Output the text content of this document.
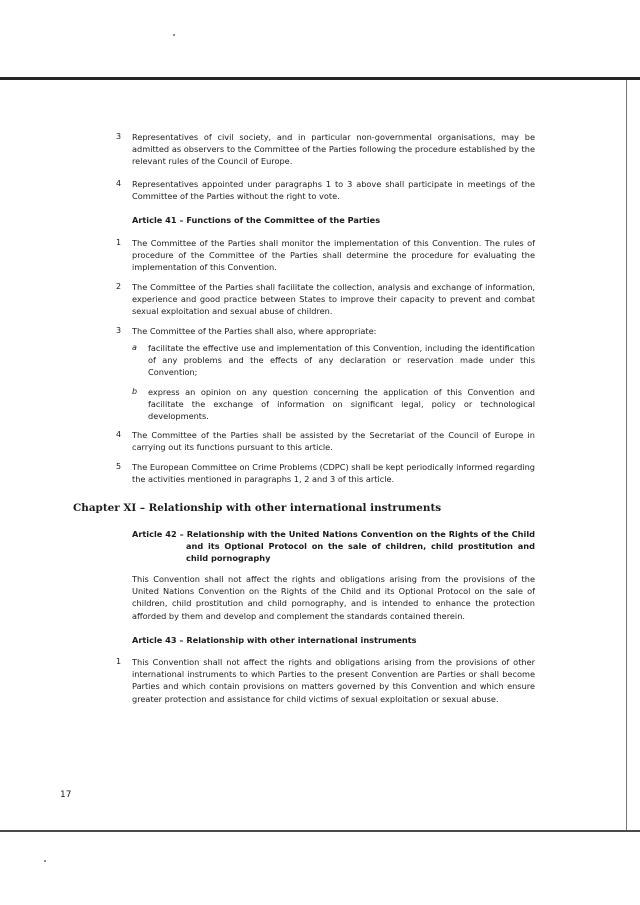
3 Representatives of civil society, and in particular non-governmental organisations, may be admitted as observers to the Committee of the Parties following the procedure established by the relevant rules of the Council of Europe.
4 Representatives appointed under paragraphs 1 to 3 above shall participate in meetings of the Committee of the Parties without the right to vote.
Article 41 – Functions of the Committee of the Parties
1 The Committee of the Parties shall monitor the implementation of this Convention. The rules of procedure of the Committee of the Parties shall determine the procedure for evaluating the implementation of this Convention.
2 The Committee of the Parties shall facilitate the collection, analysis and exchange of information, experience and good practice between States to improve their capacity to prevent and combat sexual exploitation and sexual abuse of children.
3 The Committee of the Parties shall also, where appropriate:
a facilitate the effective use and implementation of this Convention, including the identification of any problems and the effects of any declaration or reservation made under this Convention;
b express an opinion on any question concerning the application of this Convention and facilitate the exchange of information on significant legal, policy or technological developments.
4 The Committee of the Parties shall be assisted by the Secretariat of the Council of Europe in carrying out its functions pursuant to this article.
5 The European Committee on Crime Problems (CDPC) shall be kept periodically informed regarding the activities mentioned in paragraphs 1, 2 and 3 of this article.
Chapter XI – Relationship with other international instruments
Article 42 – Relationship with the United Nations Convention on the Rights of the Child and its Optional Protocol on the sale of children, child prostitution and child pornography
This Convention shall not affect the rights and obligations arising from the provisions of the United Nations Convention on the Rights of the Child and its Optional Protocol on the sale of children, child prostitution and child pornography, and is intended to enhance the protection afforded by them and develop and complement the standards contained therein.
Article 43 – Relationship with other international instruments
1 This Convention shall not affect the rights and obligations arising from the provisions of other international instruments to which Parties to the present Convention are Parties or shall become Parties and which contain provisions on matters governed by this Convention and which ensure greater protection and assistance for child victims of sexual exploitation or sexual abuse.
17
